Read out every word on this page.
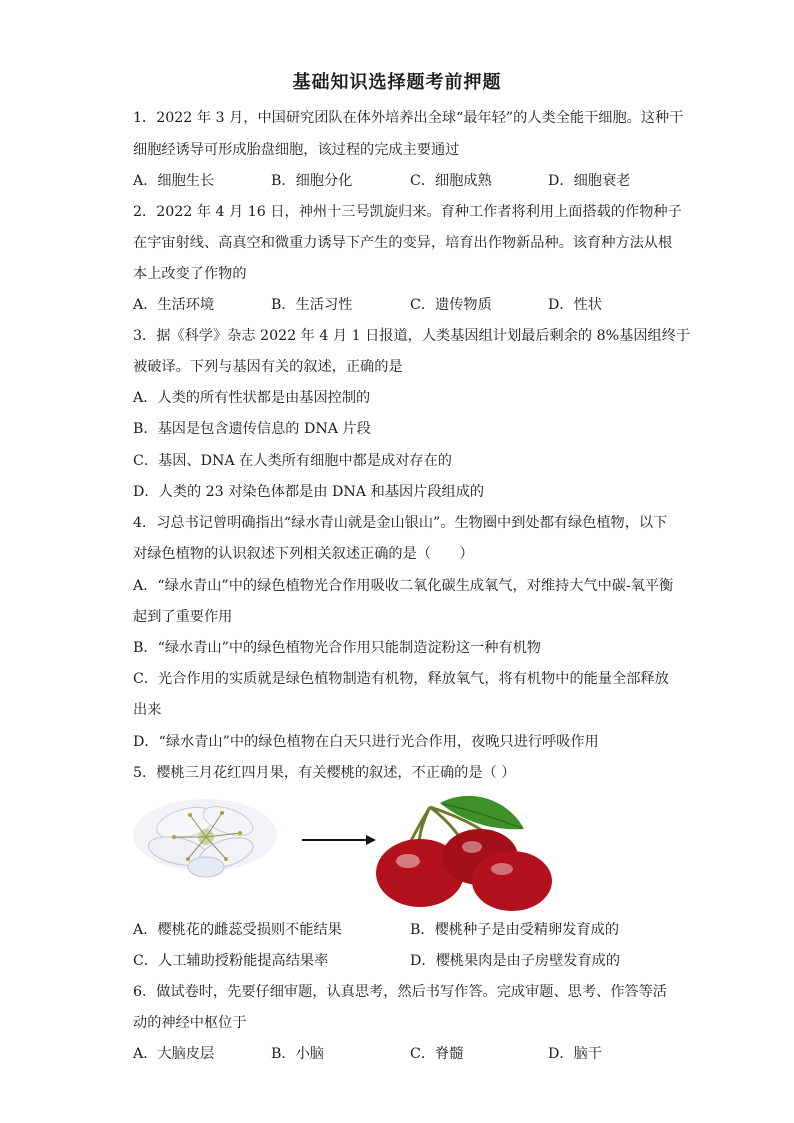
基础知识选择题考前押题
1．2022 年 3 月，中国研究团队在体外培养出全球“最年轻”的人类全能干细胞。这种干
细胞经诱导可形成胎盘细胞，该过程的完成主要通过
A．细胞生长	B．细胞分化	C．细胞成熟	D．细胞衰老
2．2022 年 4 月 16 日，神州十三号凯旋归来。育种工作者将利用上面搭载的作物种子
在宇宙射线、高真空和微重力诱导下产生的变异，培育出作物新品种。该育种方法从根
本上改变了作物的
A．生活环境	B．生活习性	C．遗传物质	D．性状
3．据《科学》杂志 2022 年 4 月 1 日报道，人类基因组计划最后剩余的 8%基因组终于
被破译。下列与基因有关的叙述，正确的是
A．人类的所有性状都是由基因控制的
B．基因是包含遗传信息的 DNA 片段
C．基因、DNA 在人类所有细胞中都是成对存在的
D．人类的 23 对染色体都是由 DNA 和基因片段组成的
4．习总书记曾明确指出“绿水青山就是金山银山”。生物圈中到处都有绿色植物，以下
对绿色植物的认识叙述下列相关叙述正确的是（　　）
A．“绿水青山”中的绿色植物光合作用吸收二氧化碳生成氧气，对维持大气中碳-氧平衡
起到了重要作用
B．“绿水青山”中的绿色植物光合作用只能制造淀粉这一种有机物
C．光合作用的实质就是绿色植物制造有机物，释放氧气，将有机物中的能量全部释放
出来
D．“绿水青山”中的绿色植物在白天只进行光合作用，夜晚只进行呼吸作用
5．樱桃三月花红四月果，有关樱桃的叙述，不正确的是（ ）
A．樱桃花的雌蕊受损则不能结果	B．樱桃种子是由受精卵发育成的
C．人工辅助授粉能提高结果率	D．樱桃果肉是由子房壁发育成的
6．做试卷时，先要仔细审题，认真思考，然后书写作答。完成审题、思考、作答等活
动的神经中枢位于
A．大脑皮层	B．小脑	C．脊髓	D．脑干
